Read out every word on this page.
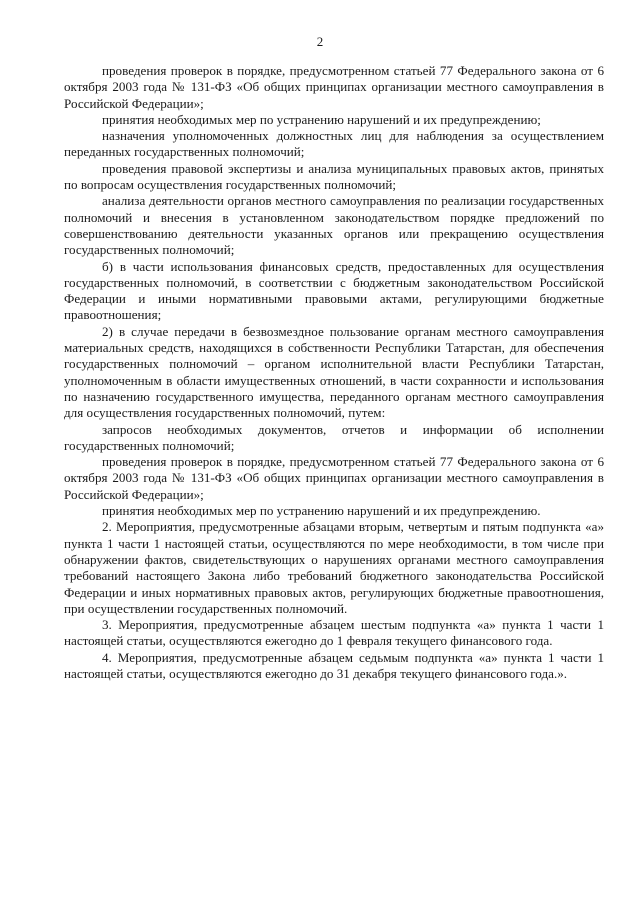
2

проведения проверок в порядке, предусмотренном статьей 77 Федерального закона от 6 октября 2003 года № 131-ФЗ «Об общих принципах организации местного самоуправления в Российской Федерации»;

принятия необходимых мер по устранению нарушений и их предупреждению;

назначения уполномоченных должностных лиц для наблюдения за осуществлением переданных государственных полномочий;

проведения правовой экспертизы и анализа муниципальных правовых актов, принятых по вопросам осуществления государственных полномочий;

анализа деятельности органов местного самоуправления по реализации государственных полномочий и внесения в установленном законодательством порядке предложений по совершенствованию деятельности указанных органов или прекращению осуществления государственных полномочий;

б) в части использования финансовых средств, предоставленных для осуществления государственных полномочий, в соответствии с бюджетным законодательством Российской Федерации и иными нормативными правовыми актами, регулирующими бюджетные правоотношения;

2) в случае передачи в безвозмездное пользование органам местного самоуправления материальных средств, находящихся в собственности Республики Татарстан, для обеспечения государственных полномочий – органом исполнительной власти Республики Татарстан, уполномоченным в области имущественных отношений, в части сохранности и использования по назначению государственного имущества, переданного органам местного самоуправления для осуществления государственных полномочий, путем:

запросов необходимых документов, отчетов и информации об исполнении государственных полномочий;

проведения проверок в порядке, предусмотренном статьей 77 Федерального закона от 6 октября 2003 года № 131-ФЗ «Об общих принципах организации местного самоуправления в Российской Федерации»;

принятия необходимых мер по устранению нарушений и их предупреждению.

2. Мероприятия, предусмотренные абзацами вторым, четвертым и пятым подпункта «а» пункта 1 части 1 настоящей статьи, осуществляются по мере необходимости, в том числе при обнаружении фактов, свидетельствующих о нарушениях органами местного самоуправления требований настоящего Закона либо требований бюджетного законодательства Российской Федерации и иных нормативных правовых актов, регулирующих бюджетные правоотношения, при осуществлении государственных полномочий.

3. Мероприятия, предусмотренные абзацем шестым подпункта «а» пункта 1 части 1 настоящей статьи, осуществляются ежегодно до 1 февраля текущего финансового года.

4. Мероприятия, предусмотренные абзацем седьмым подпункта «а» пункта 1 части 1 настоящей статьи, осуществляются ежегодно до 31 декабря текущего финансового года.».
